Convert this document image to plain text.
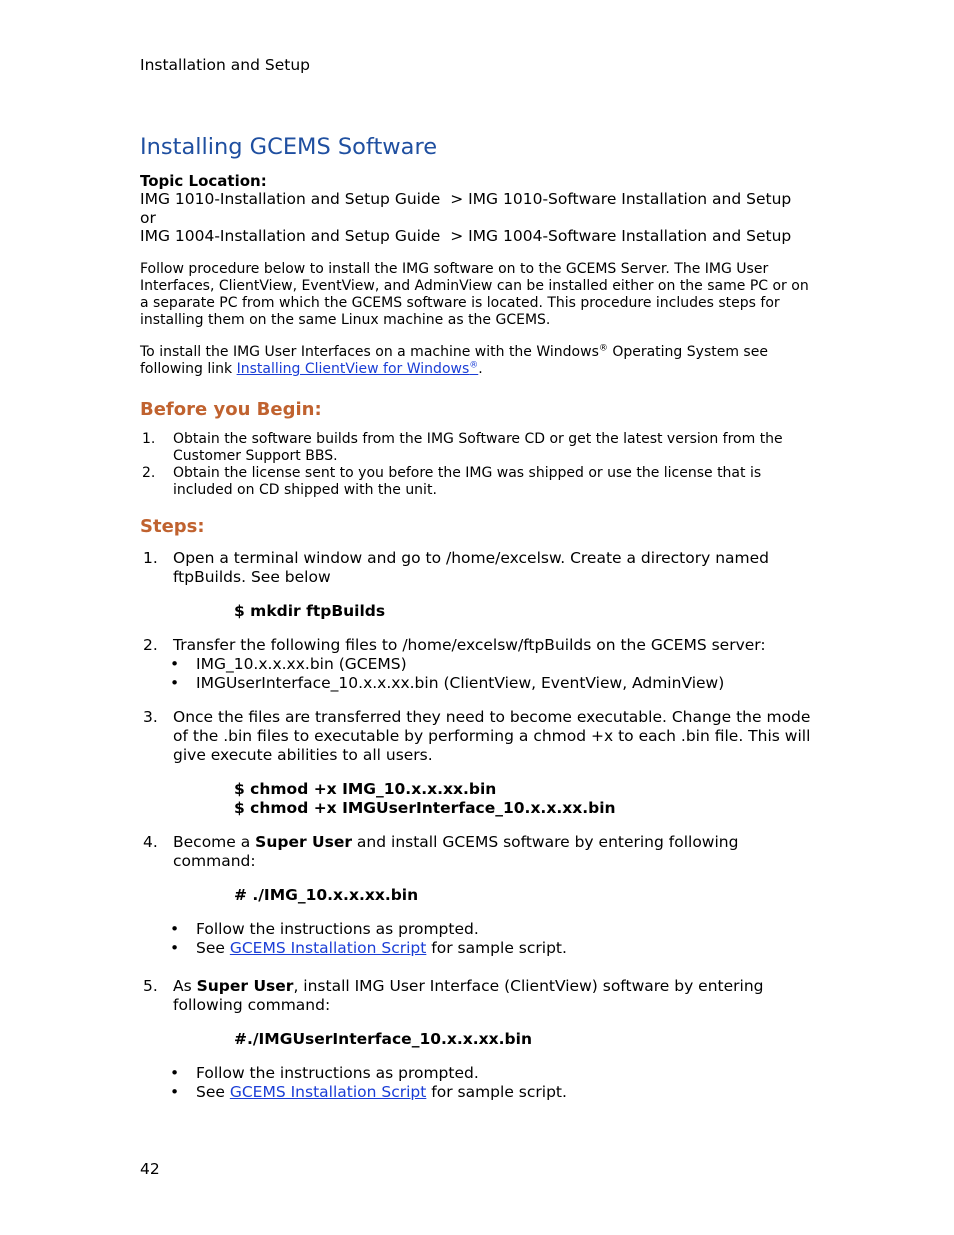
Installation and Setup
Installing GCEMS Software
Topic Location:
IMG 1010-Installation and Setup Guide  > IMG 1010-Software Installation and Setup
or
IMG 1004-Installation and Setup Guide  > IMG 1004-Software Installation and Setup

Follow procedure below to install the IMG software on to the GCEMS Server. The IMG User Interfaces, ClientView, EventView, and AdminView can be installed either on the same PC or on a separate PC from which the GCEMS software is located. This procedure includes steps for installing them on the same Linux machine as the GCEMS.

To install the IMG User Interfaces on a machine with the Windows® Operating System see following link Installing ClientView for Windows®.

Before you Begin:
1. Obtain the software builds from the IMG Software CD or get the latest version from the Customer Support BBS.
2. Obtain the license sent to you before the IMG was shipped or use the license that is included on CD shipped with the unit.
Steps:
1. Open a terminal window and go to /home/excelsw. Create a directory named ftpBuilds. See below
$ mkdir ftpBuilds
2. Transfer the following files to /home/excelsw/ftpBuilds on the GCEMS server:
• IMG_10.x.x.xx.bin (GCEMS)
• IMGUserInterface_10.x.x.xx.bin (ClientView, EventView, AdminView)
3. Once the files are transferred they need to become executable. Change the mode of the .bin files to executable by performing a chmod +x to each .bin file. This will give execute abilities to all users.
$ chmod +x IMG_10.x.x.xx.bin
$ chmod +x IMGUserInterface_10.x.x.xx.bin
4. Become a Super User and install GCEMS software by entering following command:
# ./IMG_10.x.x.xx.bin
• Follow the instructions as prompted.
• See GCEMS Installation Script for sample script.
5. As Super User, install IMG User Interface (ClientView) software by entering following command:
#./IMGUserInterface_10.x.x.xx.bin
• Follow the instructions as prompted.
• See GCEMS Installation Script for sample script.
42
